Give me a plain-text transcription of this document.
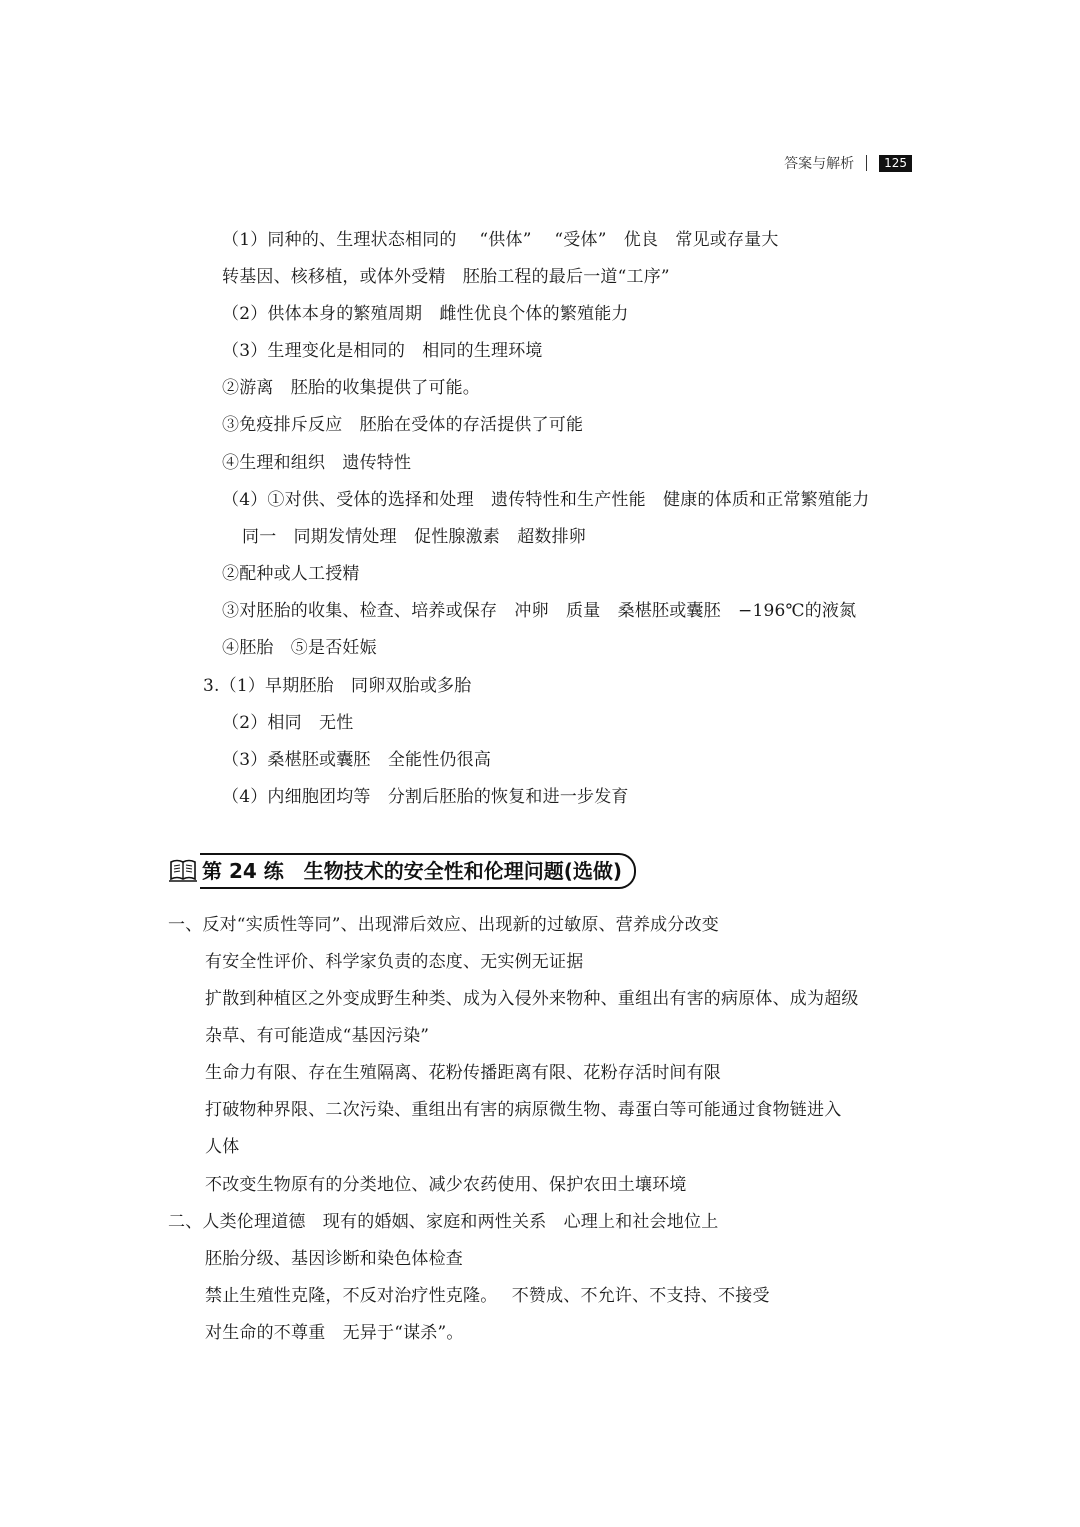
答案与解析	125
（1）同种的、生理状态相同的　 “供体”　 “受体”　优良　常见或存量大
转基因、核移植，或体外受精　胚胎工程的最后一道“工序”
（2）供体本身的繁殖周期　雌性优良个体的繁殖能力
（3）生理变化是相同的　相同的生理环境
②游离　胚胎的收集提供了可能。
③免疫排斥反应　胚胎在受体的存活提供了可能
④生理和组织　遗传特性
（4）①对供、受体的选择和处理　遗传特性和生产性能　健康的体质和正常繁殖能力
同一　同期发情处理　促性腺激素　超数排卵
②配种或人工授精
③对胚胎的收集、检查、培养或保存　冲卵　质量　桑椹胚或囊胚　−196℃的液氮
④胚胎　⑤是否妊娠
3.（1）早期胚胎　同卵双胎或多胎
（2）相同　无性
（3）桑椹胚或囊胚　全能性仍很高
（4）内细胞团均等　分割后胚胎的恢复和进一步发育
第 24 练　生物技术的安全性和伦理问题(选做)
一、反对“实质性等同”、出现滞后效应、出现新的过敏原、营养成分改变
有安全性评价、科学家负责的态度、无实例无证据
扩散到种植区之外变成野生种类、成为入侵外来物种、重组出有害的病原体、成为超级
杂草、有可能造成“基因污染”
生命力有限、存在生殖隔离、花粉传播距离有限、花粉存活时间有限
打破物种界限、二次污染、重组出有害的病原微生物、毒蛋白等可能通过食物链进入
人体
不改变生物原有的分类地位、减少农药使用、保护农田土壤环境
二、人类伦理道德　现有的婚姻、家庭和两性关系　心理上和社会地位上
胚胎分级、基因诊断和染色体检查
禁止生殖性克隆，不反对治疗性克隆。　 不赞成、不允许、不支持、不接受
对生命的不尊重　无异于“谋杀”。
